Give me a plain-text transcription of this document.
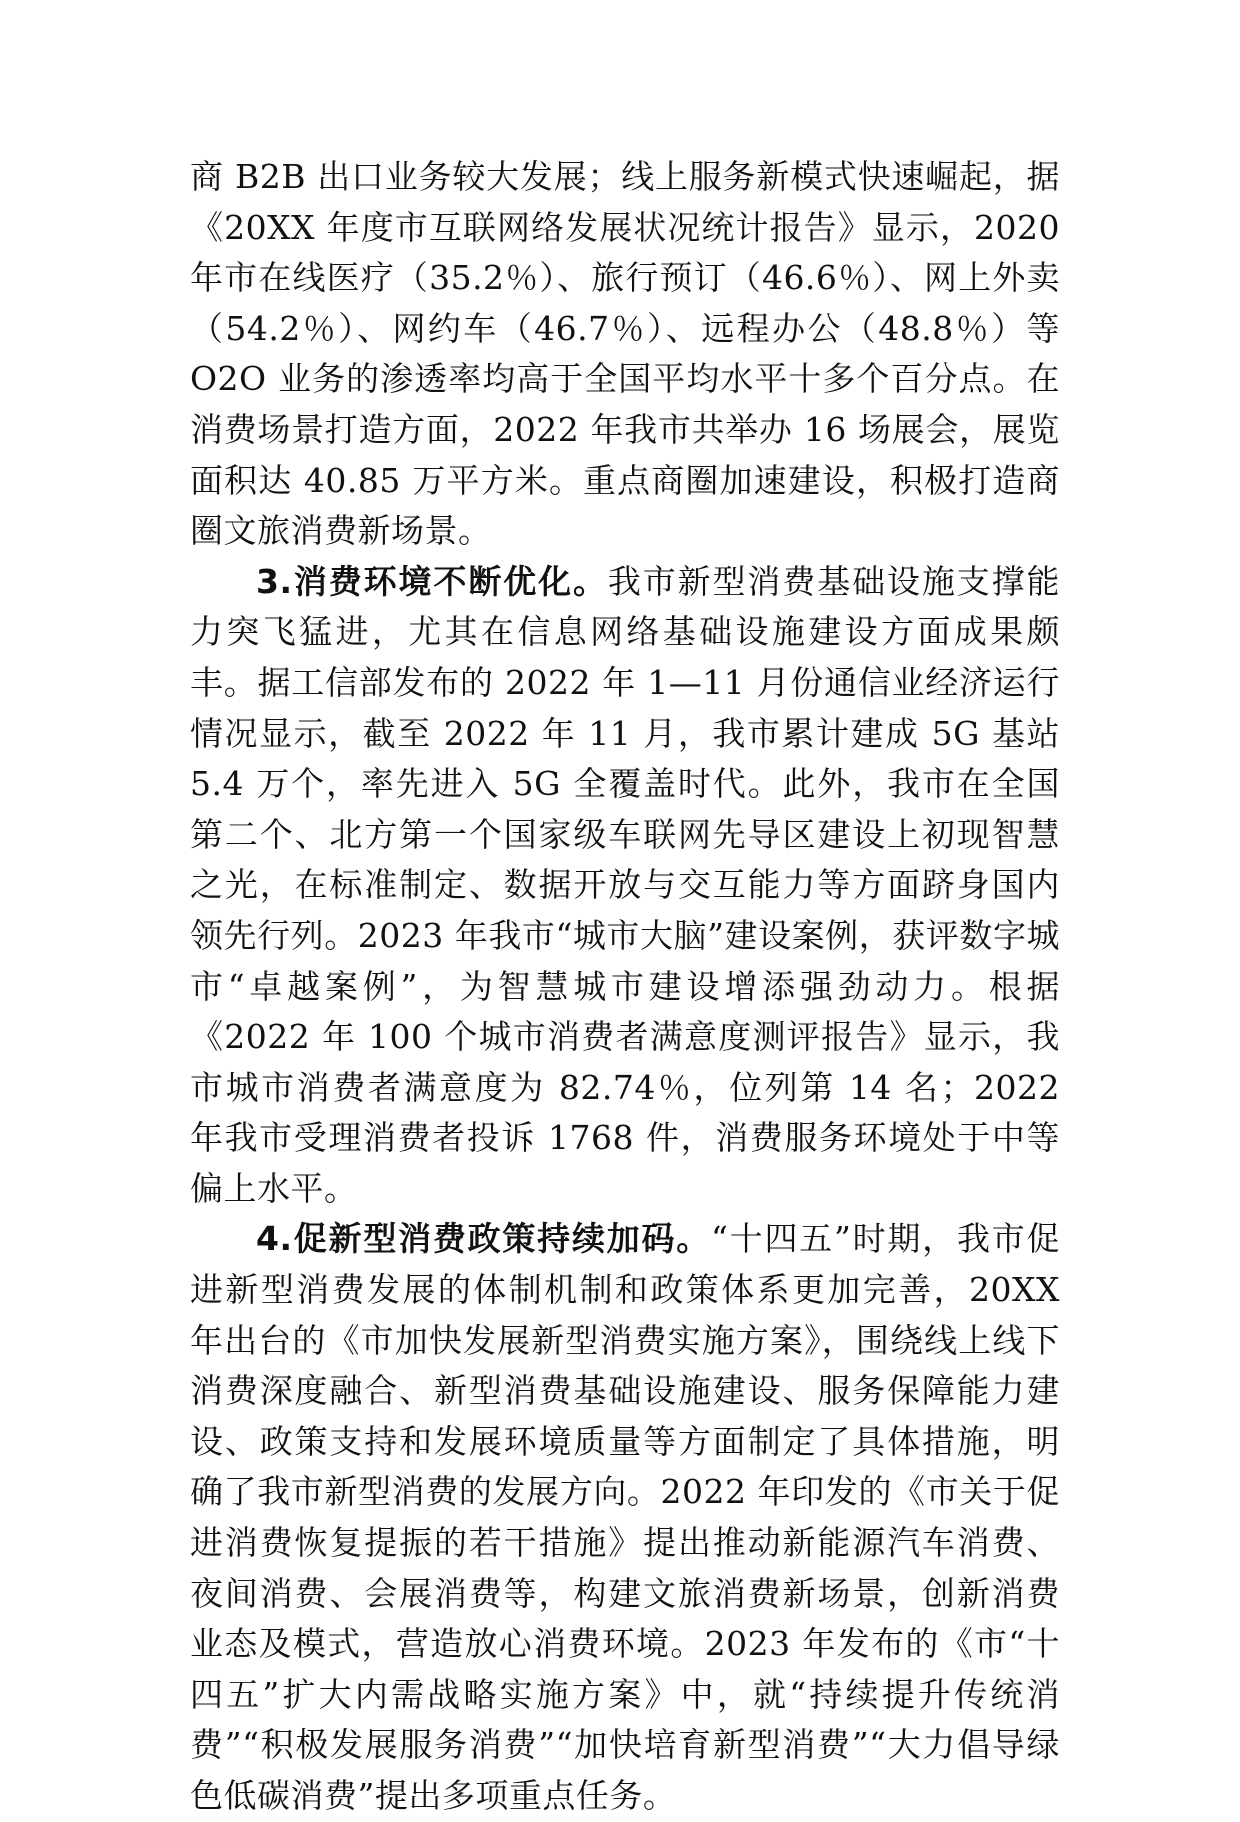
商 B2B 出口业务较大发展；线上服务新模式快速崛起，据《20XX 年度市互联网络发展状况统计报告》显示，2020 年市在线医疗（35.2％）、旅行预订（46.6％）、网上外卖（54.2％）、网约车（46.7％）、远程办公（48.8％）等 O2O 业务的渗透率均高于全国平均水平十多个百分点。在消费场景打造方面，2022 年我市共举办 16 场展会，展览面积达 40.85 万平方米。重点商圈加速建设，积极打造商圈文旅消费新场景。

3.消费环境不断优化。我市新型消费基础设施支撑能力突飞猛进，尤其在信息网络基础设施建设方面成果颇丰。据工信部发布的 2022 年 1—11 月份通信业经济运行情况显示，截至 2022 年 11 月，我市累计建成 5G 基站 5.4 万个，率先进入 5G 全覆盖时代。此外，我市在全国第二个、北方第一个国家级车联网先导区建设上初现智慧之光，在标准制定、数据开放与交互能力等方面跻身国内领先行列。2023 年我市“城市大脑”建设案例，获评数字城市“卓越案例”，为智慧城市建设增添强劲动力。根据《2022 年 100 个城市消费者满意度测评报告》显示，我市城市消费者满意度为 82.74％，位列第 14 名；2022 年我市受理消费者投诉 1768 件，消费服务环境处于中等偏上水平。

4.促新型消费政策持续加码。“十四五”时期，我市促进新型消费发展的体制机制和政策体系更加完善，20XX 年出台的《市加快发展新型消费实施方案》，围绕线上线下消费深度融合、新型消费基础设施建设、服务保障能力建设、政策支持和发展环境质量等方面制定了具体措施，明确了我市新型消费的发展方向。2022 年印发的《市关于促进消费恢复提振的若干措施》提出推动新能源汽车消费、夜间消费、会展消费等，构建文旅消费新场景，创新消费业态及模式，营造放心消费环境。2023 年发布的《市“十四五”扩大内需战略实施方案》中，就“持续提升传统消费”“积极发展服务消费”“加快培育新型消费”“大力倡导绿色低碳消费”提出多项重点任务。
